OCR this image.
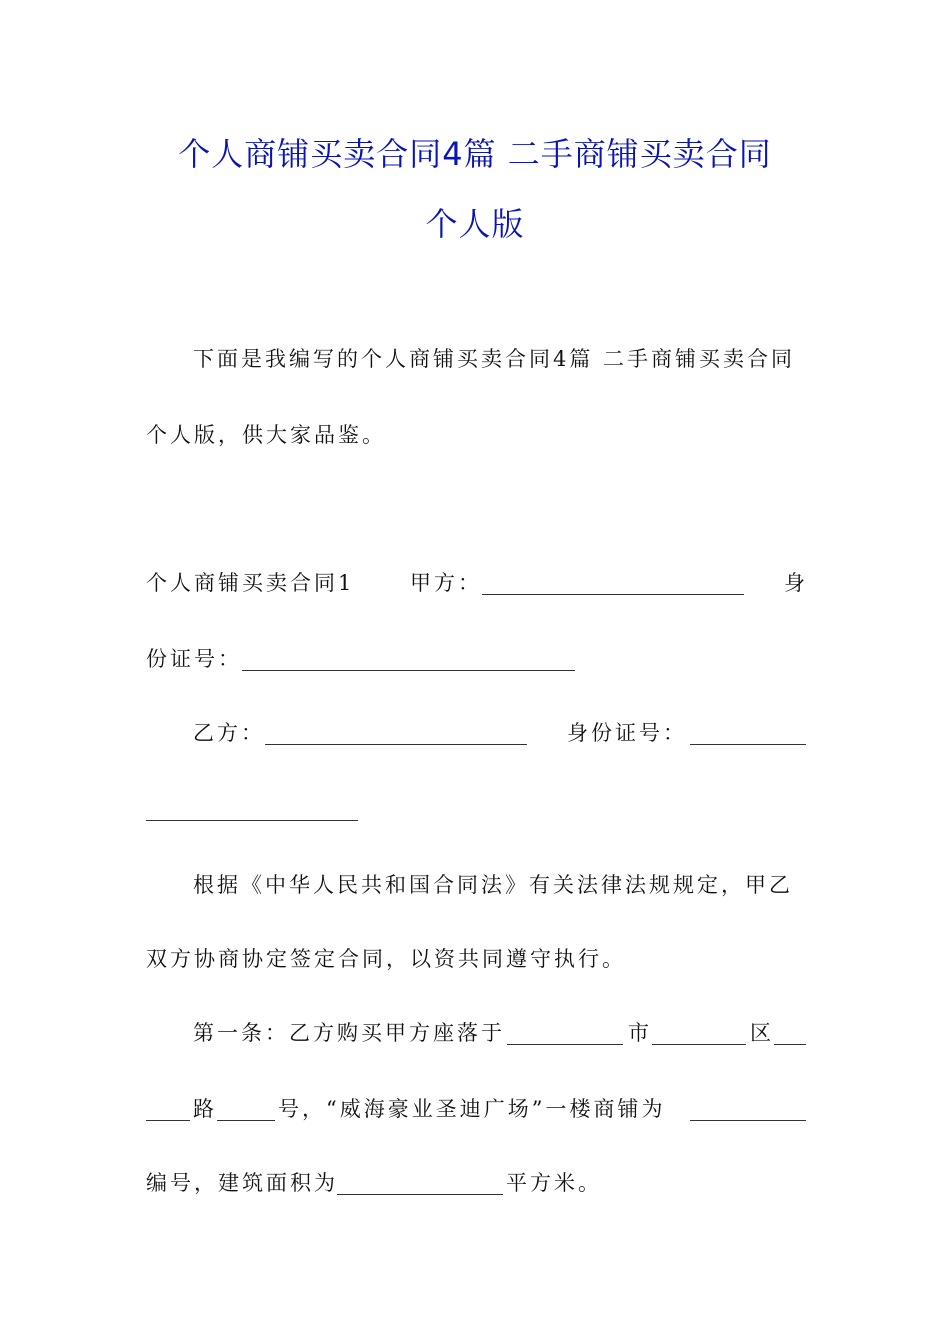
个人商铺买卖合同4篇 二手商铺买卖合同
个人版
下面是我编写的个人商铺买卖合同4篇 二手商铺买卖合同
个人版，供大家品鉴。
个人商铺买卖合同1	甲方：	身
份证号：
乙方：	身份证号：
根据《中华人民共和国合同法》有关法律法规规定，甲乙
双方协商协定签定合同，以资共同遵守执行。
第一条：乙方购买甲方座落于	市	区
路	号，“威海豪业圣迪广场”一楼商铺为
编号，建筑面积为	平方米。
